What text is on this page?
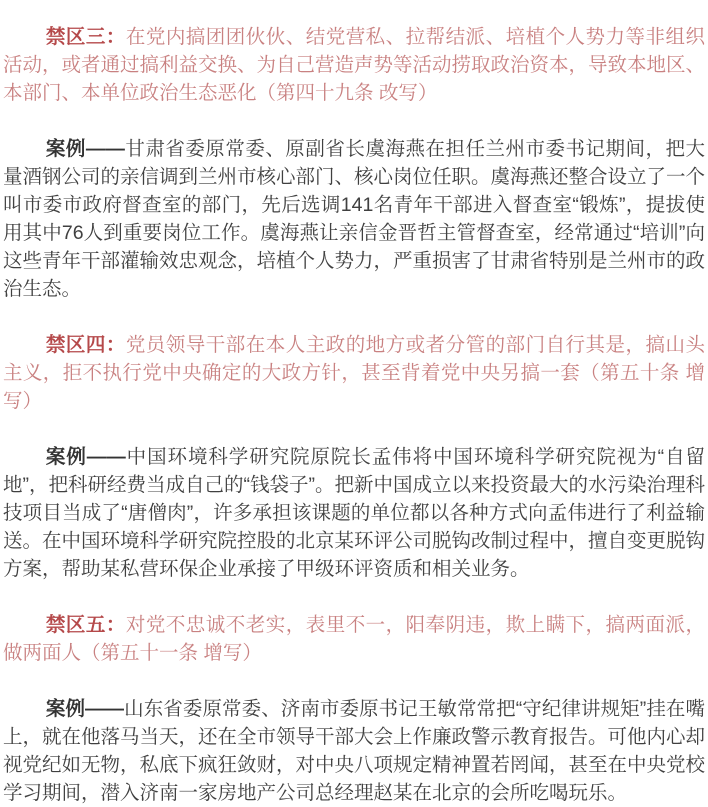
禁区三：在党内搞团团伙伙、结党营私、拉帮结派、培植个人势力等非组织活动，或者通过搞利益交换、为自己营造声势等活动捞取政治资本，导致本地区、本部门、本单位政治生态恶化（第四十九条 改写）

案例——甘肃省委原常委、原副省长虞海燕在担任兰州市委书记期间，把大量酒钢公司的亲信调到兰州市核心部门、核心岗位任职。虞海燕还整合设立了一个叫市委市政府督查室的部门，先后选调141名青年干部进入督查室“锻炼”，提拔使用其中76人到重要岗位工作。虞海燕让亲信金晋哲主管督查室，经常通过“培训”向这些青年干部灌输效忠观念，培植个人势力，严重损害了甘肃省特别是兰州市的政治生态。

禁区四：党员领导干部在本人主政的地方或者分管的部门自行其是，搞山头主义，拒不执行党中央确定的大政方针，甚至背着党中央另搞一套（第五十条 增写）

案例——中国环境科学研究院原院长孟伟将中国环境科学研究院视为“自留地”，把科研经费当成自己的“钱袋子”。把新中国成立以来投资最大的水污染治理科技项目当成了“唐僧肉”，许多承担该课题的单位都以各种方式向孟伟进行了利益输送。在中国环境科学研究院控股的北京某环评公司脱钩改制过程中，擅自变更脱钩方案，帮助某私营环保企业承接了甲级环评资质和相关业务。

禁区五：对党不忠诚不老实，表里不一，阳奉阴违，欺上瞒下，搞两面派，做两面人（第五十一条 增写）

案例——山东省委原常委、济南市委原书记王敏常常把“守纪律讲规矩”挂在嘴上，就在他落马当天，还在全市领导干部大会上作廉政警示教育报告。可他内心却视党纪如无物，私底下疯狂敛财，对中央八项规定精神置若罔闻，甚至在中央党校学习期间，潜入济南一家房地产公司总经理赵某在北京的会所吃喝玩乐。
